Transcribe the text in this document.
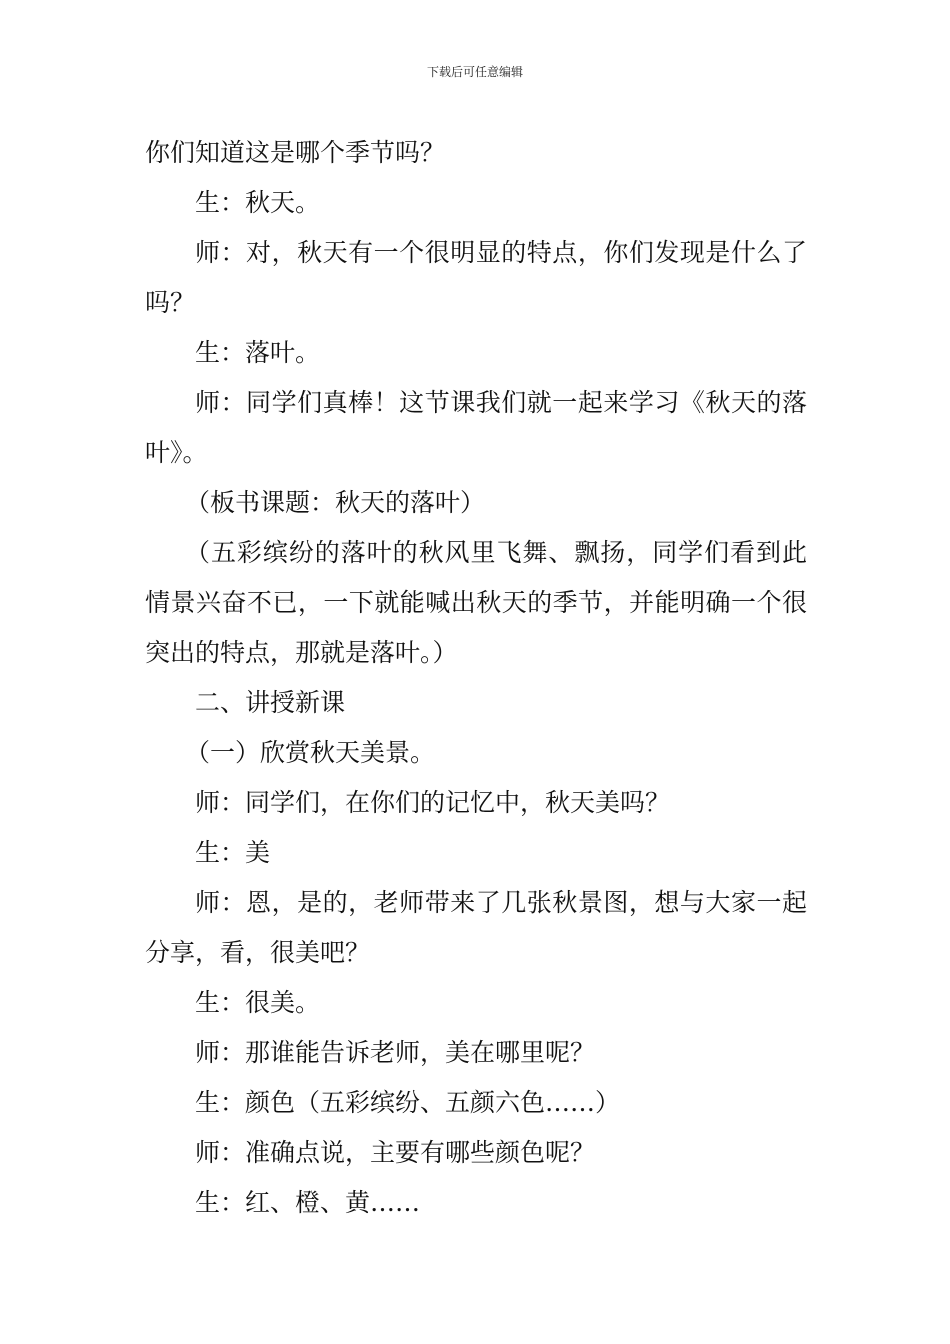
下载后可任意编辑

你们知道这是哪个季节吗？

生：秋天。

师：对，秋天有一个很明显的特点，你们发现是什么了吗？

生：落叶。

师：同学们真棒！这节课我们就一起来学习《秋天的落叶》。

（板书课题：秋天的落叶）

（五彩缤纷的落叶的秋风里飞舞、飘扬，同学们看到此情景兴奋不已，一下就能喊出秋天的季节，并能明确一个很突出的特点，那就是落叶。）

二、讲授新课

（一）欣赏秋天美景。

师：同学们，在你们的记忆中，秋天美吗？

生：美

师：恩，是的，老师带来了几张秋景图，想与大家一起分享，看，很美吧？

生：很美。

师：那谁能告诉老师，美在哪里呢？

生：颜色（五彩缤纷、五颜六色……）

师：准确点说，主要有哪些颜色呢？

生：红、橙、黄……
